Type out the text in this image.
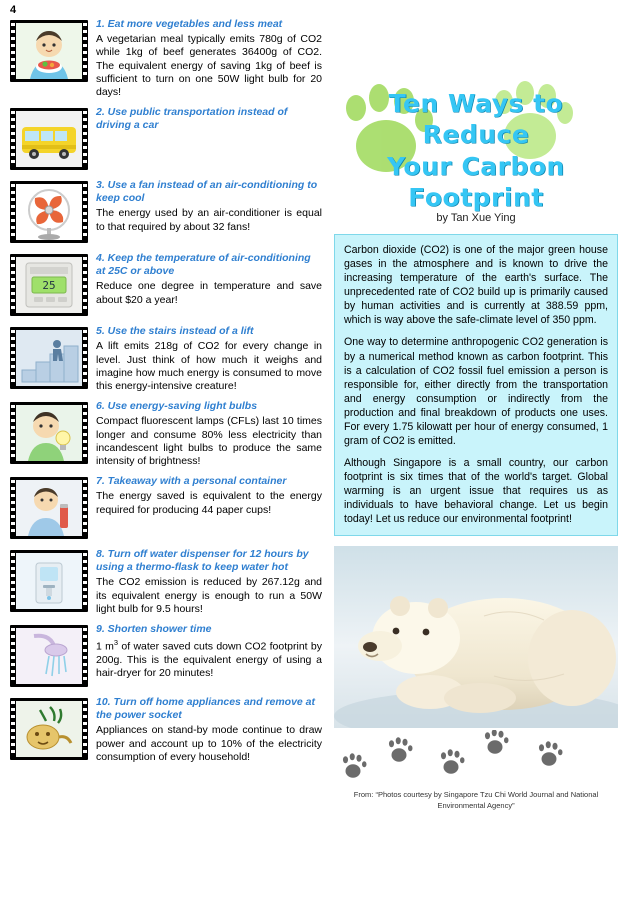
4

1. Eat more vegetables and less meat

A vegetarian meal typically emits 780g of CO2 while 1kg of beef generates 36400g of CO2. The equivalent energy of saving 1kg of beef is sufficient to turn on one 50W light bulb for 20 days!

2. Use public transportation instead of driving a car

3. Use a fan instead of an air-conditioning to keep cool

The energy used by an air-conditioner is equal to that required by about 32 fans!

25

4. Keep the temperature of air-conditioning at 25C or above

Reduce one degree in temperature and save about $20 a year!

5. Use the stairs instead of a lift

A lift emits 218g of CO2 for every change in level. Just think of how much it weighs and imagine how much energy is consumed to move this energy-intensive creature!

6. Use energy-saving light bulbs

Compact fluorescent lamps (CFLs) last 10 times longer and consume 80% less electricity than incandescent light bulbs to produce the same intensity of brightness!

7. Takeaway with a personal container

The energy saved is equivalent to the energy required for producing 44 paper cups!

8. Turn off water dispenser for 12 hours by using a thermo-flask to keep water hot

The CO2 emission is reduced by 267.12g and its equivalent energy is enough to run a 50W light bulb for 9.5 hours!

9. Shorten shower time

1 $m^3$ of water saved cuts down CO2 footprint by 200g. This is the equivalent energy of using a hair-dryer for 20 minutes!

10. Turn off home appliances and remove at the power socket

Appliances on stand-by mode continue to draw power and account up to 10% of the electricity consumption of every household!

Ten Ways to Reduce
Your Carbon Footprint
by Tan Xue Ying

Carbon dioxide (CO2) is one of the major green house gases in the atmosphere and is known to drive the increasing temperature of the earth's surface. The unprecedented rate of CO2 build up is primarily caused by human activities and is currently at 388.59 ppm, which is way above the safe-climate level of 350 ppm.

One way to determine anthropogenic CO2 generation is by a numerical method known as carbon footprint. This is a calculation of CO2 fossil fuel emission a person is responsible for, either directly from the transportation and energy consumption or indirectly from the production and final breakdown of products one uses. For every 1.75 kilowatt per hour of energy consumed, 1 gram of CO2 is emitted.

Although Singapore is a small country, our carbon footprint is six times that of the world's target. Global warming is an urgent issue that requires us as individuals to have behavioral change. Let us begin today! Let us reduce our environmental footprint!

From: “Photos courtesy by Singapore Tzu Chi World Journal and National Environmental Agency”
